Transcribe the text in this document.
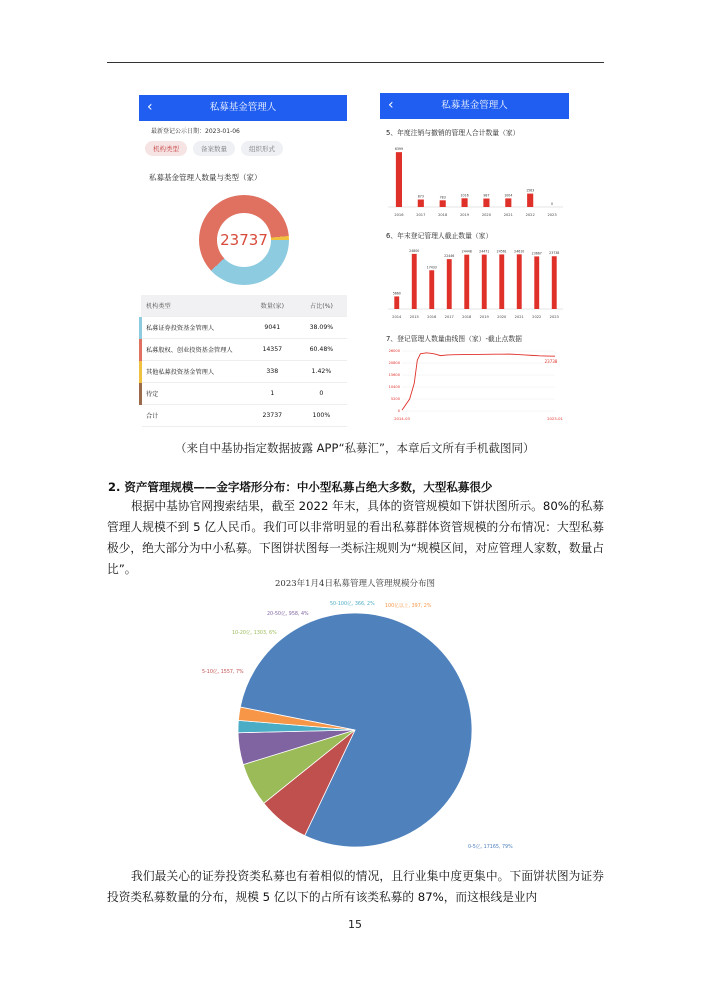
‹	私募基金管理人
最新登记公示日期：2023-01-06
机构类型	备案数量	组织形式
私募基金管理人数量与类型（家）
23737
机构类型	数量(家)	占比(%)
私募证券投资基金管理人	9041	38.09%
私募股权、创业投资基金管理人	14357	60.48%
其他私募投资基金管理人	338	1.42%
待定	1	0
合计	23737	100%
‹	私募基金管理人
5、年度注销与撤销的管理人合计数量（家）
6399
2016
873
2017
783
2018
1016
2019
987
2020
1004
2021
1563
2022
0
2023
6、年末登记管理人截止数量（家）
5660
2014
24800
2015
17433
2016
22446
2017
24448
2018
24471
2019
24561
2020
24610
2021
23667
2022
23738
2023
7、登记管理人数量曲线图（家）-截止点数据
26000
20800
15600
10400
5200
0
23738
2014-03	2023-01
（来自中基协指定数据披露 APP“私募汇”，本章后文所有手机截图同）
2. 资产管理规模——金字塔形分布：中小型私募占绝大多数，大型私募很少
根据中基协官网搜索结果，截至 2022 年末，具体的资管规模如下饼状图所示。80%的私募管理人规模不到 5 亿人民币。我们可以非常明显的看出私募群体资管规模的分布情况：大型私募极少，绝大部分为中小私募。下图饼状图每一类标注规则为“规模区间，对应管理人家数，数量占比”。
2023年1月4日私募管理人管理规模分布图
0-5亿, 17165, 79%
5-10亿, 1557, 7%
10-20亿, 1303, 6%
20-50亿, 958, 4%
50-100亿, 366, 2% 100亿以上, 397, 2%
我们最关心的证券投资类私募也有着相似的情况，且行业集中度更集中。下面饼状图为证券投资类私募数量的分布，规模 5 亿以下的占所有该类私募的 87%，而这根线是业内
15
